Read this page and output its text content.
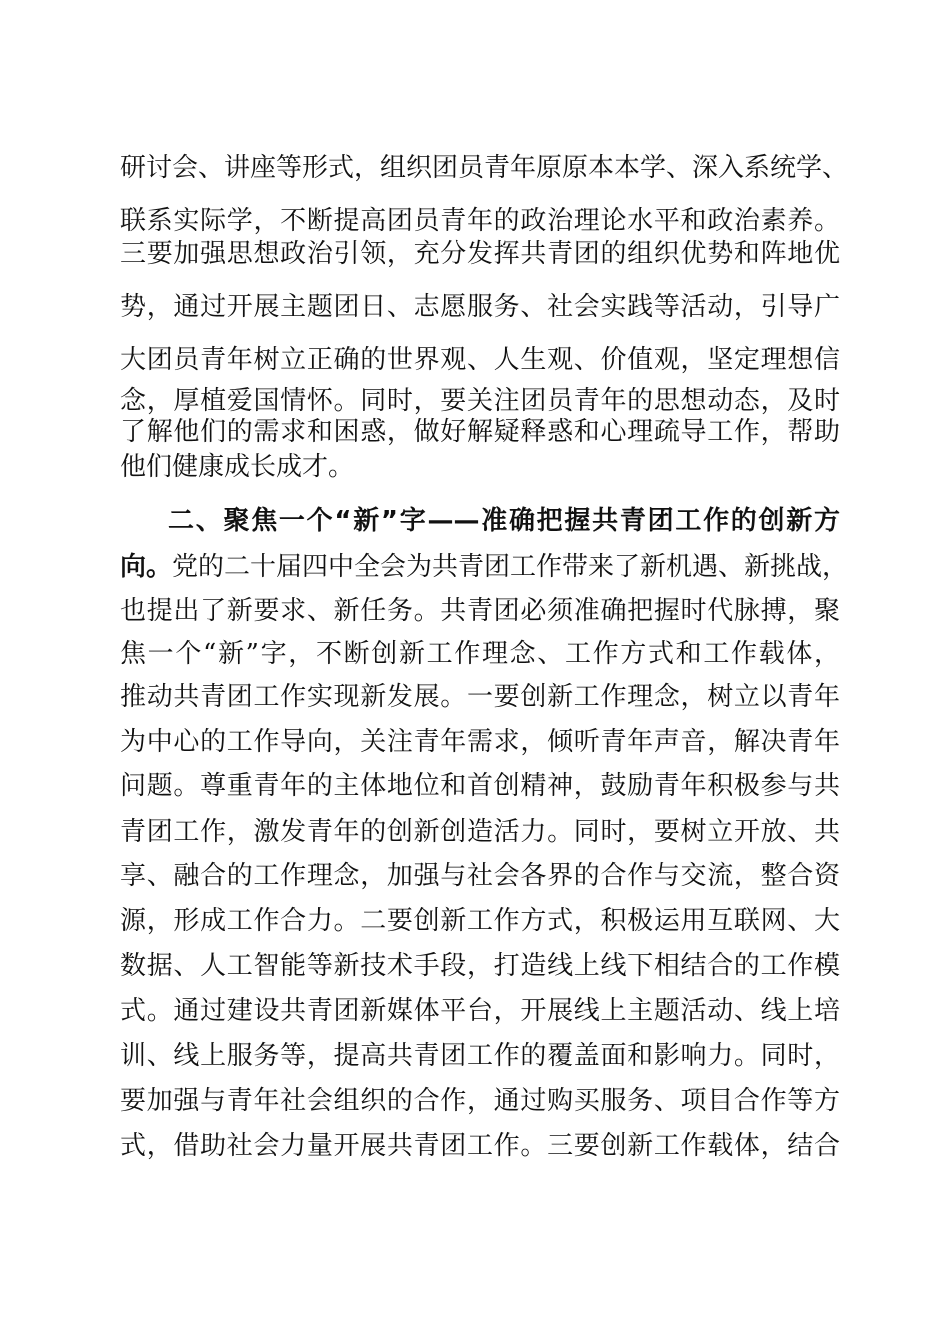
研讨会、讲座等形式，组织团员青年原原本本学、深入系统学、
联系实际学，不断提高团员青年的政治理论水平和政治素养。
三要加强思想政治引领，充分发挥共青团的组织优势和阵地优
势，通过开展主题团日、志愿服务、社会实践等活动，引导广
大团员青年树立正确的世界观、人生观、价值观，坚定理想信
念，厚植爱国情怀。同时，要关注团员青年的思想动态，及时
了解他们的需求和困惑，做好解疑释惑和心理疏导工作，帮助
他们健康成长成才。
二、聚焦一个“新”字——准确把握共青团工作的创新方
向。党的二十届四中全会为共青团工作带来了新机遇、新挑战，
也提出了新要求、新任务。共青团必须准确把握时代脉搏，聚
焦一个“新”字，不断创新工作理念、工作方式和工作载体，
推动共青团工作实现新发展。一要创新工作理念，树立以青年
为中心的工作导向，关注青年需求，倾听青年声音，解决青年
问题。尊重青年的主体地位和首创精神，鼓励青年积极参与共
青团工作，激发青年的创新创造活力。同时，要树立开放、共
享、融合的工作理念，加强与社会各界的合作与交流，整合资
源，形成工作合力。二要创新工作方式，积极运用互联网、大
数据、人工智能等新技术手段，打造线上线下相结合的工作模
式。通过建设共青团新媒体平台，开展线上主题活动、线上培
训、线上服务等，提高共青团工作的覆盖面和影响力。同时，
要加强与青年社会组织的合作，通过购买服务、项目合作等方
式，借助社会力量开展共青团工作。三要创新工作载体，结合
